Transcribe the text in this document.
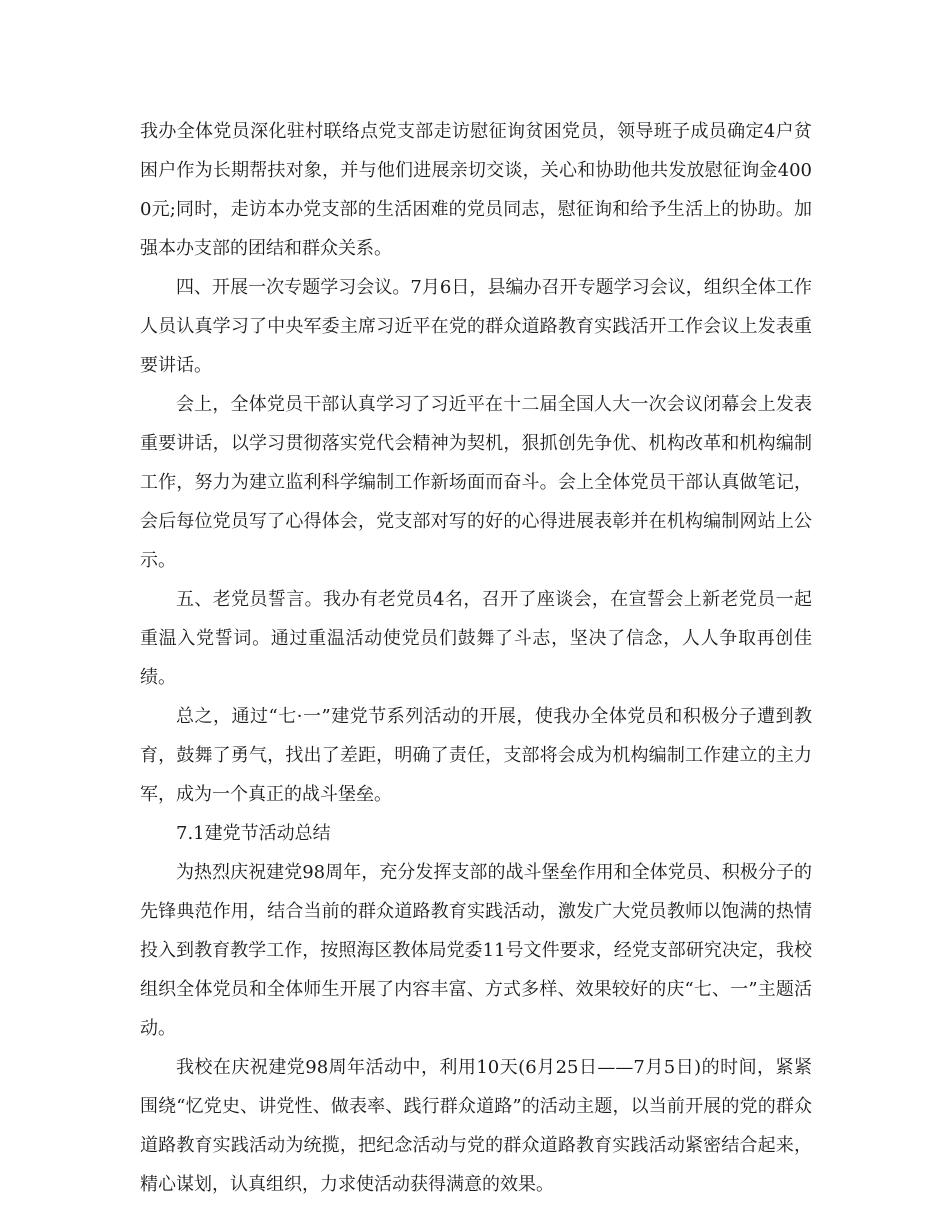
我办全体党员深化驻村联络点党支部走访慰征询贫困党员，领导班子成员确定4户贫困户作为长期帮扶对象，并与他们进展亲切交谈，关心和协助他共发放慰征询金4000元;同时，走访本办党支部的生活困难的党员同志，慰征询和给予生活上的协助。加强本办支部的团结和群众关系。

四、开展一次专题学习会议。7月6日，县编办召开专题学习会议，组织全体工作人员认真学习了中央军委主席习近平在党的群众道路教育实践活开工作会议上发表重要讲话。

会上，全体党员干部认真学习了习近平在十二届全国人大一次会议闭幕会上发表重要讲话，以学习贯彻落实党代会精神为契机，狠抓创先争优、机构改革和机构编制工作，努力为建立监利科学编制工作新场面而奋斗。会上全体党员干部认真做笔记，会后每位党员写了心得体会，党支部对写的好的心得进展表彰并在机构编制网站上公示。

五、老党员誓言。我办有老党员4名，召开了座谈会，在宣誓会上新老党员一起重温入党誓词。通过重温活动使党员们鼓舞了斗志，坚决了信念，人人争取再创佳绩。

总之，通过“七·一”建党节系列活动的开展，使我办全体党员和积极分子遭到教育，鼓舞了勇气，找出了差距，明确了责任，支部将会成为机构编制工作建立的主力军，成为一个真正的战斗堡垒。

7.1建党节活动总结

为热烈庆祝建党98周年，充分发挥支部的战斗堡垒作用和全体党员、积极分子的先锋典范作用，结合当前的群众道路教育实践活动，激发广大党员教师以饱满的热情投入到教育教学工作，按照海区教体局党委11号文件要求，经党支部研究决定，我校组织全体党员和全体师生开展了内容丰富、方式多样、效果较好的庆“七、一”主题活动。

我校在庆祝建党98周年活动中，利用10天(6月25日——7月5日)的时间，紧紧围绕“忆党史、讲党性、做表率、践行群众道路”的活动主题，以当前开展的党的群众道路教育实践活动为统揽，把纪念活动与党的群众道路教育实践活动紧密结合起来，精心谋划，认真组织，力求使活动获得满意的效果。
